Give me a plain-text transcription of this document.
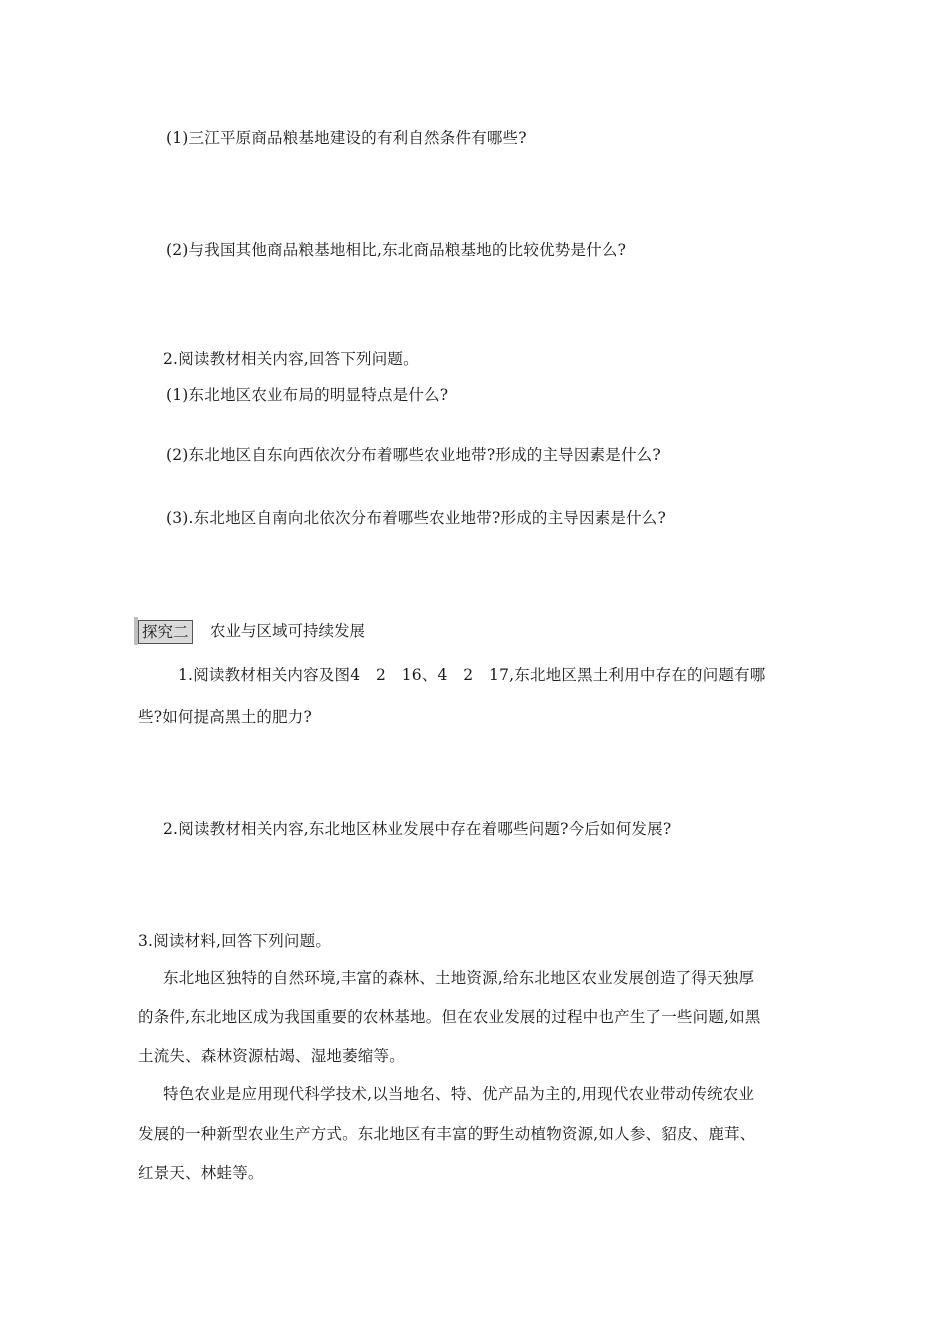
(1)三江平原商品粮基地建设的有利自然条件有哪些?
(2)与我国其他商品粮基地相比,东北商品粮基地的比较优势是什么?
2.阅读教材相关内容,回答下列问题。
(1)东北地区农业布局的明显特点是什么?
(2)东北地区自东向西依次分布着哪些农业地带?形成的主导因素是什么?
(3).东北地区自南向北依次分布着哪些农业地带?形成的主导因素是什么?
探究二 农业与区域可持续发展
1.阅读教材相关内容及图4　2　16、4　2　17,东北地区黑土利用中存在的问题有哪
些?如何提高黑土的肥力?
2.阅读教材相关内容,东北地区林业发展中存在着哪些问题?今后如何发展?
3.阅读材料,回答下列问题。
东北地区独特的自然环境,丰富的森林、土地资源,给东北地区农业发展创造了得天独厚
的条件,东北地区成为我国重要的农林基地。但在农业发展的过程中也产生了一些问题,如黑
土流失、森林资源枯竭、湿地萎缩等。
特色农业是应用现代科学技术,以当地名、特、优产品为主的,用现代农业带动传统农业
发展的一种新型农业生产方式。东北地区有丰富的野生动植物资源,如人参、貂皮、鹿茸、
红景天、林蛙等。
